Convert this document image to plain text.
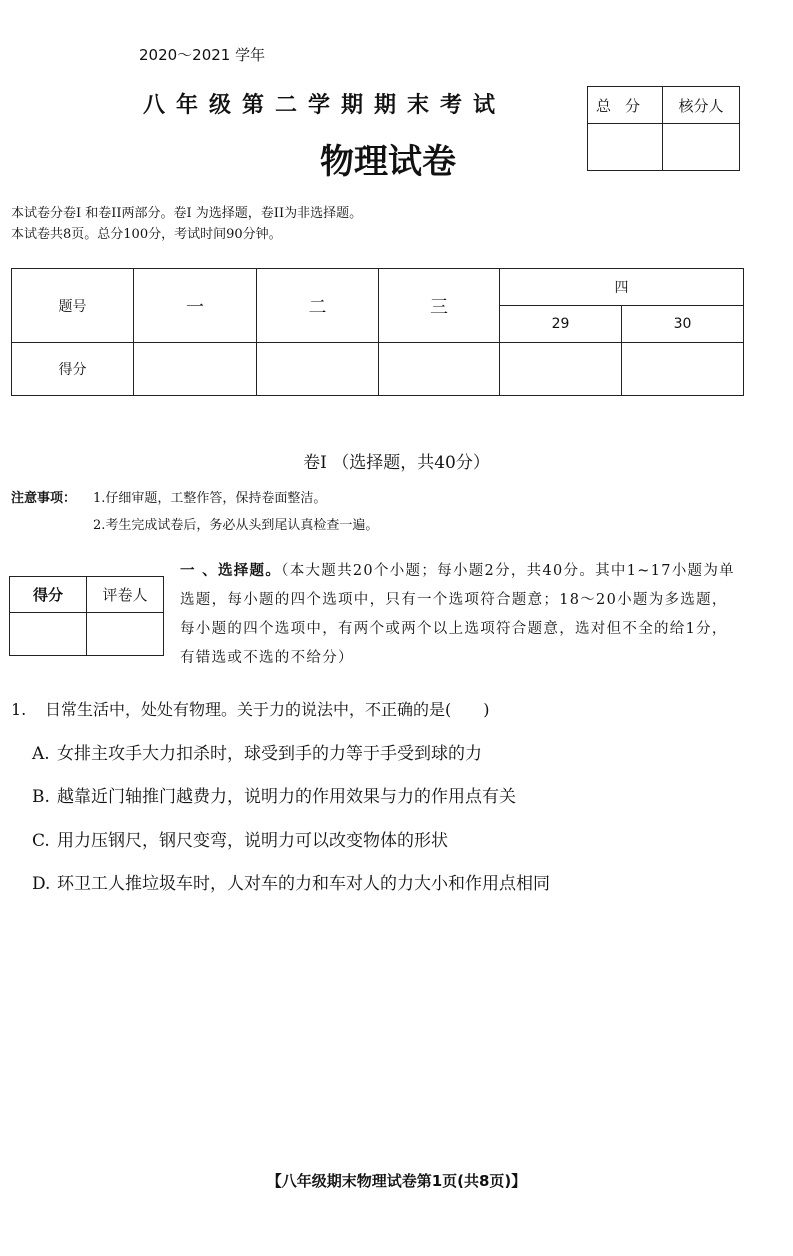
2020～2021 学年
八年级第二学期期末考试
物理试卷
总分	核分人

本试卷分卷I 和卷II两部分。卷I 为选择题，卷II为非选择题。
本试卷共8页。总分100分，考试时间90分钟。
题号	一	二	三	四	
				29	30
得分					
卷I （选择题，共40分）
注意事项： 1.仔细审题，工整作答，保持卷面整洁。
2.考生完成试卷后，务必从头到尾认真检查一遍。
得分	评卷人

一 、选择题。（本大题共20个小题；每小题2分，共40分。其中1~17小题为单选题，每小题的四个选项中，只有一个选项符合题意；18～20小题为多选题，每小题的四个选项中，有两个或两个以上选项符合题意，选对但不全的给1分，有错选或不选的不给分）

1. 日常生活中，处处有物理。关于力的说法中，不正确的是(　　)
A. 女排主攻手大力扣杀时，球受到手的力等于手受到球的力
B. 越靠近门轴推门越费力，说明力的作用效果与力的作用点有关
C. 用力压钢尺，钢尺变弯，说明力可以改变物体的形状
D. 环卫工人推垃圾车时，人对车的力和车对人的力大小和作用点相同
【八年级期末物理试卷第1页(共8页)】
